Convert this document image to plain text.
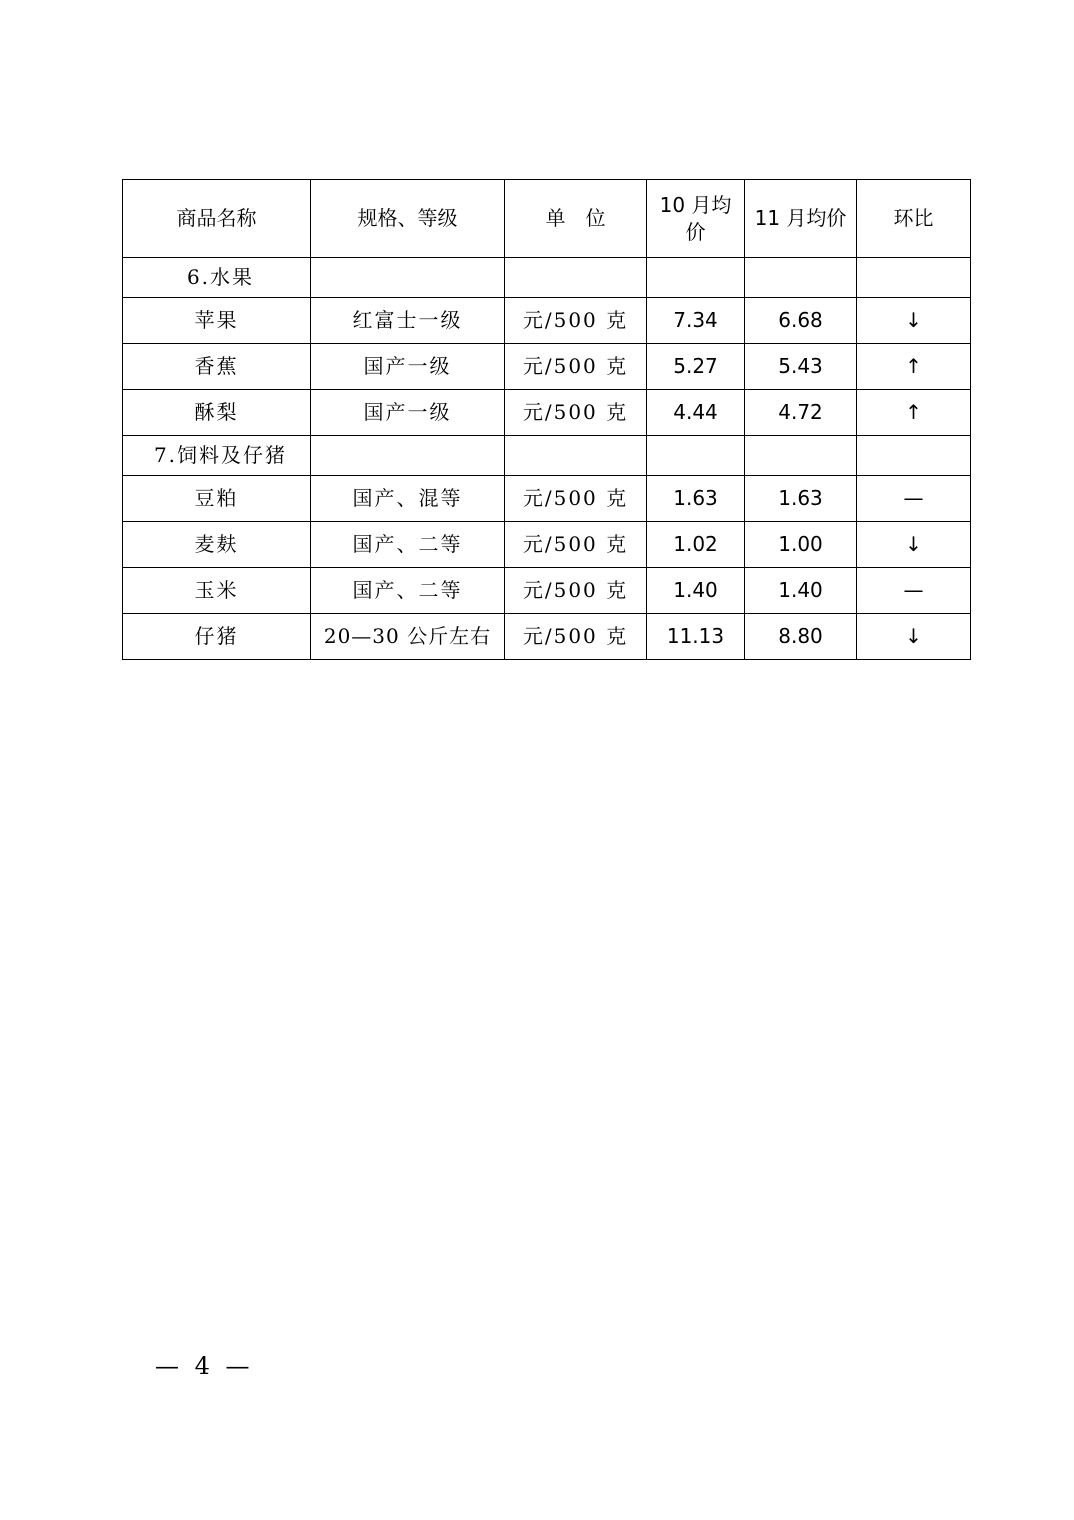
商品名称	规格、等级	单　位	10 月均价	11 月均价	环比
6.水果					
苹果	红富士一级	元/500 克	7.34	6.68	↓
香蕉	国产一级	元/500 克	5.27	5.43	↑
酥梨	国产一级	元/500 克	4.44	4.72	↑
7.饲料及仔猪					
豆粕	国产、混等	元/500 克	1.63	1.63	—
麦麸	国产、二等	元/500 克	1.02	1.00	↓
玉米	国产、二等	元/500 克	1.40	1.40	—
仔猪	20—30 公斤左右	元/500 克	11.13	8.80	↓
— 4 —
